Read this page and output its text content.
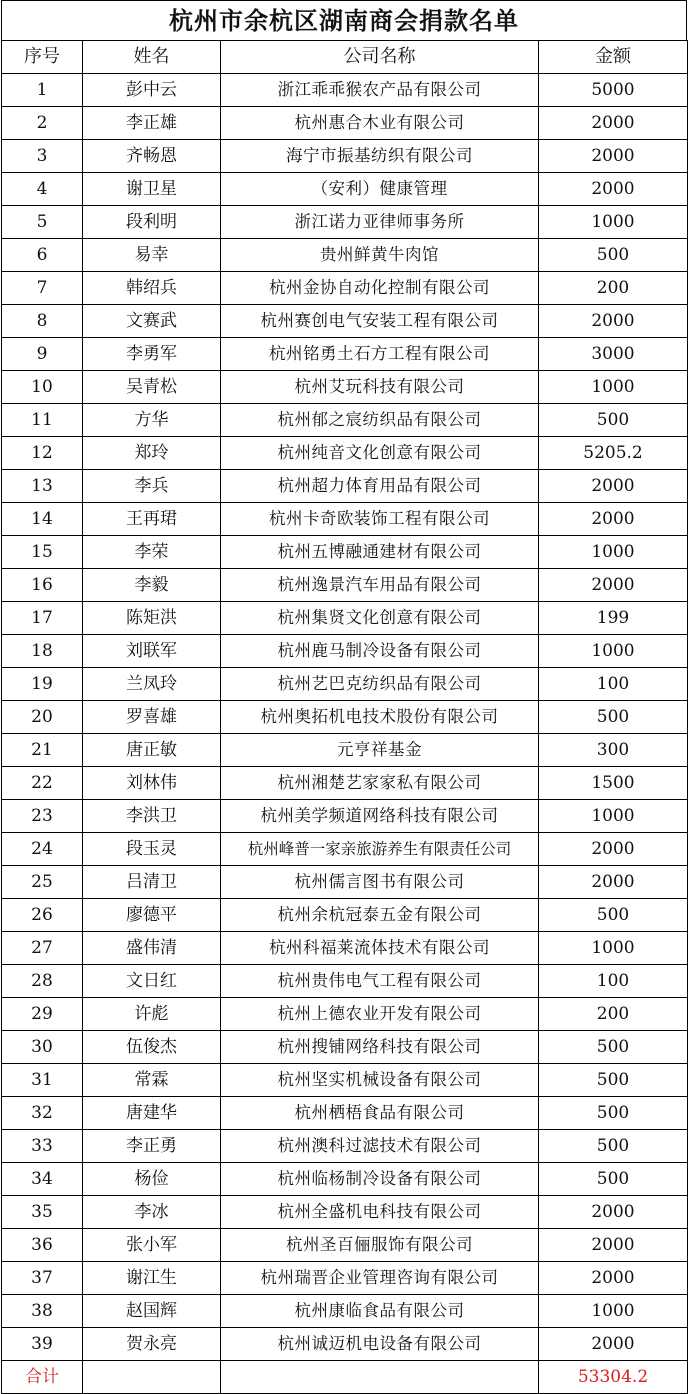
杭州市余杭区湖南商会捐款名单
序号	姓名	公司名称	金额
1	彭中云	浙江乖乖猴农产品有限公司	5000
2	李正雄	杭州惠合木业有限公司	2000
3	齐畅恩	海宁市振基纺织有限公司	2000
4	谢卫星	（安利）健康管理	2000
5	段利明	浙江诺力亚律师事务所	1000
6	易幸	贵州鲜黄牛肉馆	500
7	韩绍兵	杭州金协自动化控制有限公司	200
8	文赛武	杭州赛创电气安装工程有限公司	2000
9	李勇军	杭州铭勇土石方工程有限公司	3000
10	吴青松	杭州艾玩科技有限公司	1000
11	方华	杭州郁之宸纺织品有限公司	500
12	郑玲	杭州纯音文化创意有限公司	5205.2
13	李兵	杭州超力体育用品有限公司	2000
14	王再珺	杭州卡奇欧装饰工程有限公司	2000
15	李荣	杭州五博融通建材有限公司	1000
16	李毅	杭州逸景汽车用品有限公司	2000
17	陈矩洪	杭州集贤文化创意有限公司	199
18	刘联军	杭州鹿马制冷设备有限公司	1000
19	兰凤玲	杭州艺巴克纺织品有限公司	100
20	罗喜雄	杭州奥拓机电技术股份有限公司	500
21	唐正敏	元亨祥基金	300
22	刘林伟	杭州湘楚艺家家私有限公司	1500
23	李洪卫	杭州美学频道网络科技有限公司	1000
24	段玉灵	杭州峰普一家亲旅游养生有限责任公司	2000
25	吕清卫	杭州儒言图书有限公司	2000
26	廖德平	杭州余杭冠泰五金有限公司	500
27	盛伟清	杭州科福莱流体技术有限公司	1000
28	文日红	杭州贵伟电气工程有限公司	100
29	许彪	杭州上德农业开发有限公司	200
30	伍俊杰	杭州搜铺网络科技有限公司	500
31	常霖	杭州坚实机械设备有限公司	500
32	唐建华	杭州栖梧食品有限公司	500
33	李正勇	杭州澳科过滤技术有限公司	500
34	杨俭	杭州临杨制冷设备有限公司	500
35	李冰	杭州全盛机电科技有限公司	2000
36	张小军	杭州圣百俪服饰有限公司	2000
37	谢江生	杭州瑞晋企业管理咨询有限公司	2000
38	赵国辉	杭州康临食品有限公司	1000
39	贺永亮	杭州诚迈机电设备有限公司	2000
合计			53304.2
